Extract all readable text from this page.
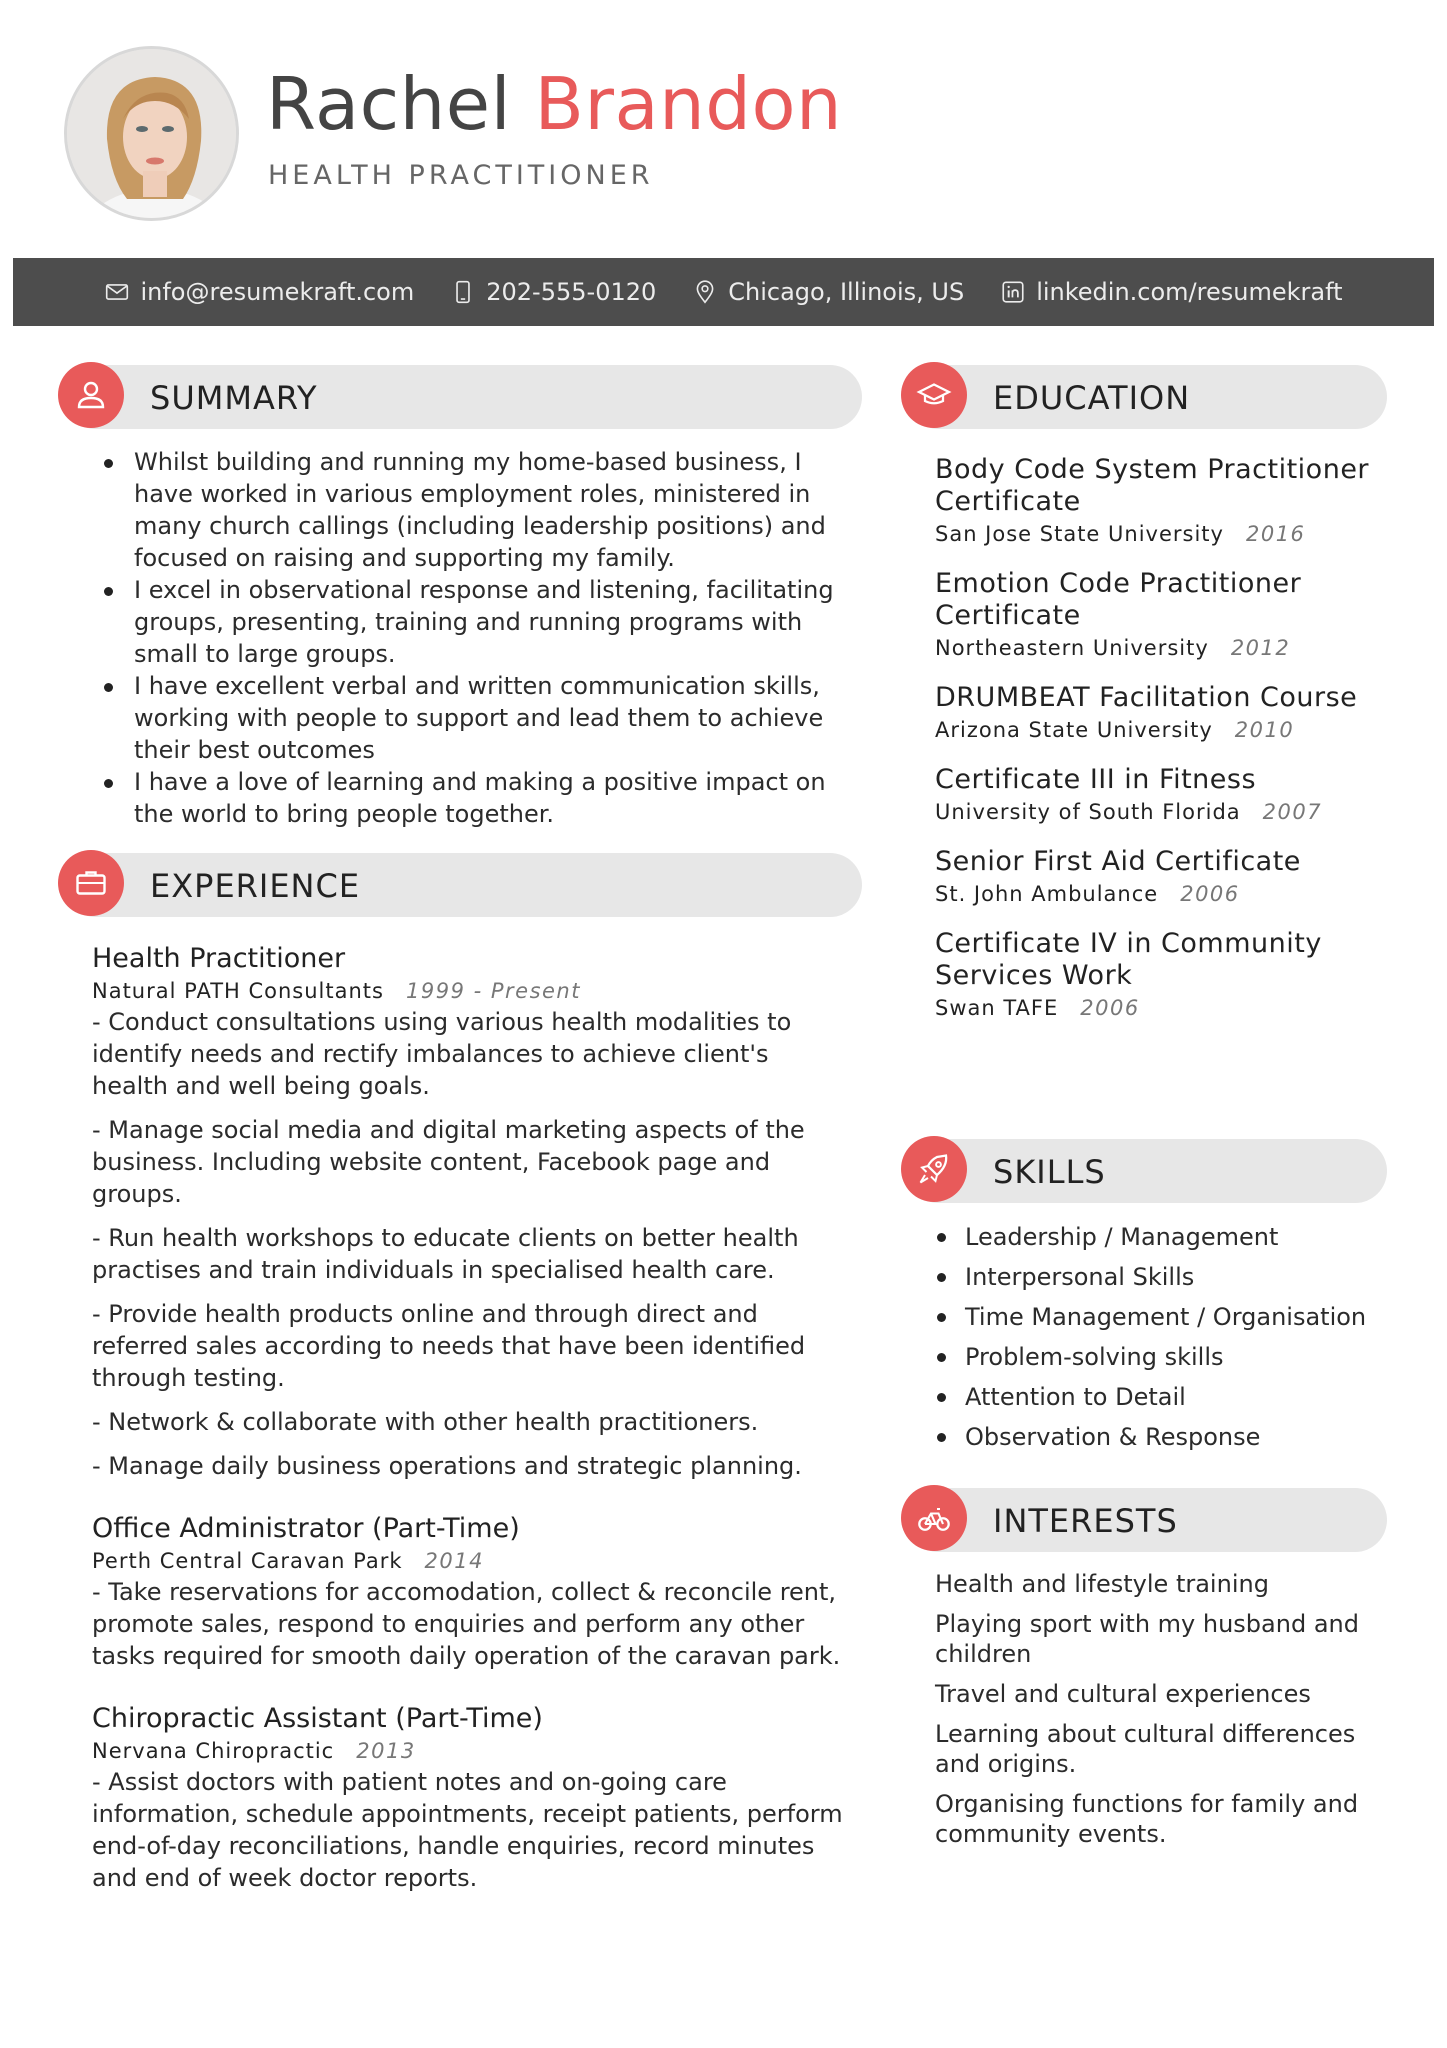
Rachel Brandon
HEALTH PRACTITIONER
info@resumekraft.com	202-555-0120	Chicago, Illinois, US	linkedin.com/resumekraft
SUMMARY
Whilst building and running my home-based business, I have worked in various employment roles, ministered in many church callings (including leadership positions) and focused on raising and supporting my family.
I excel in observational response and listening, facilitating groups, presenting, training and running programs with small to large groups.
I have excellent verbal and written communication skills, working with people to support and lead them to achieve their best outcomes
I have a love of learning and making a positive impact on the world to bring people together.
EXPERIENCE
Health Practitioner
Natural PATH Consultants 1999 - Present
- Conduct consultations using various health modalities to identify needs and rectify imbalances to achieve client's health and well being goals.
- Manage social media and digital marketing aspects of the business. Including website content, Facebook page and groups.
- Run health workshops to educate clients on better health practises and train individuals in specialised health care.
- Provide health products online and through direct and referred sales according to needs that have been identified through testing.
- Network & collaborate with other health practitioners.
- Manage daily business operations and strategic planning.
Office Administrator (Part-Time)
Perth Central Caravan Park 2014
- Take reservations for accomodation, collect & reconcile rent, promote sales, respond to enquiries and perform any other tasks required for smooth daily operation of the caravan park.
Chiropractic Assistant (Part-Time)
Nervana Chiropractic 2013
- Assist doctors with patient notes and on-going care information, schedule appointments, receipt patients, perform end-of-day reconciliations, handle enquiries, record minutes and end of week doctor reports.
EDUCATION
Body Code System Practitioner Certificate
San Jose State University 2016
Emotion Code Practitioner Certificate
Northeastern University 2012
DRUMBEAT Facilitation Course
Arizona State University 2010
Certificate III in Fitness
University of South Florida 2007
Senior First Aid Certificate
St. John Ambulance 2006
Certificate IV in Community Services Work
Swan TAFE 2006
SKILLS
Leadership / Management
Interpersonal Skills
Time Management / Organisation
Problem-solving skills
Attention to Detail
Observation & Response
INTERESTS
Health and lifestyle training
Playing sport with my husband and children
Travel and cultural experiences
Learning about cultural differences and origins.
Organising functions for family and community events.
